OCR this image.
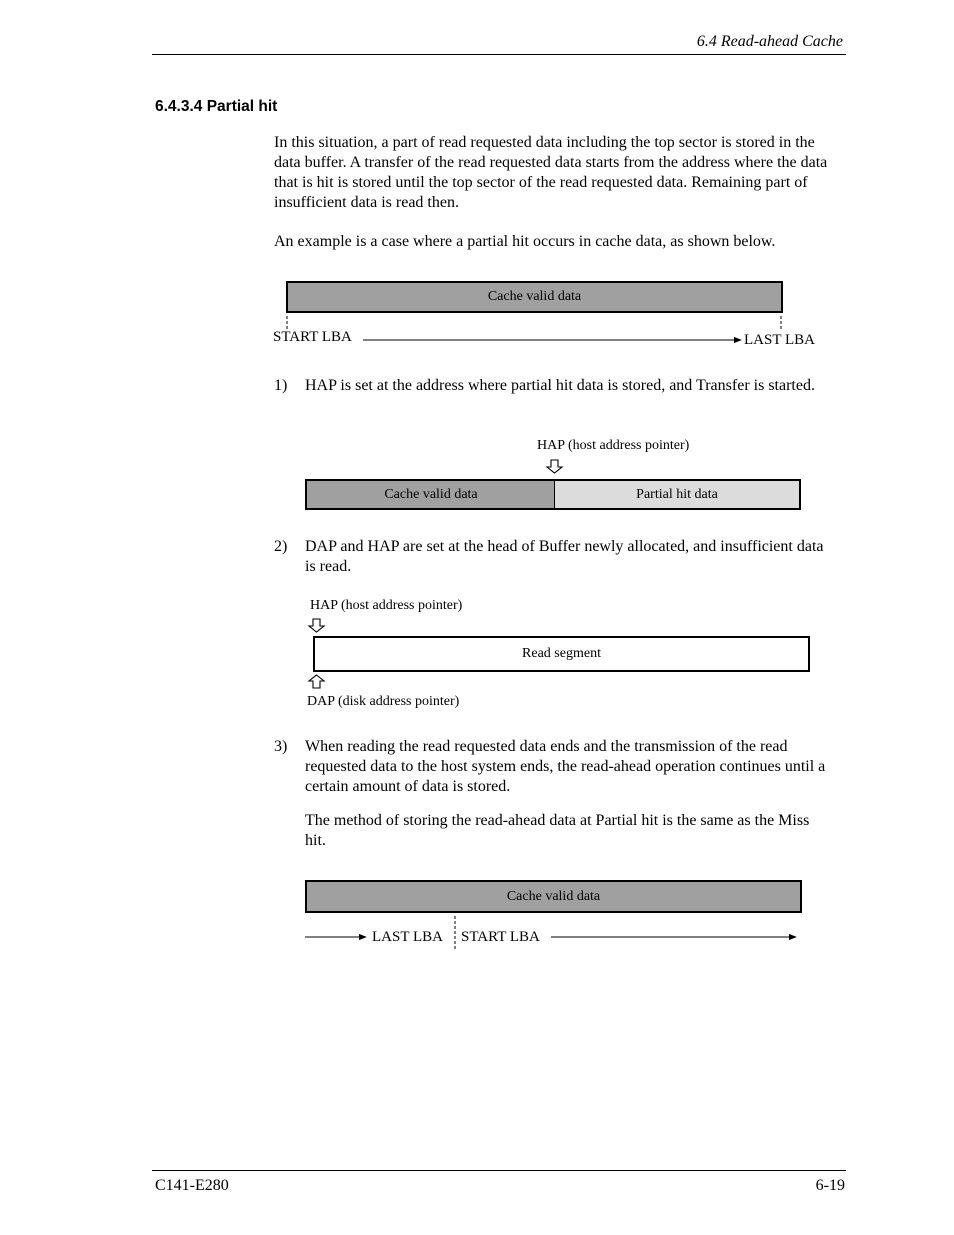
6.4 Read-ahead Cache
6.4.3.4 Partial hit

In this situation, a part of read requested data including the top sector is stored in the data buffer. A transfer of the read requested data starts from the address where the data that is hit is stored until the top sector of the read requested data. Remaining part of insufficient data is read then.

An example is a case where a partial hit occurs in cache data, as shown below.

Cache valid data
START LBA	LAST LBA
1) HAP is set at the address where partial hit data is stored, and Transfer is started.

HAP (host address pointer)
Cache valid data	Partial hit data
2) DAP and HAP are set at the head of Buffer newly allocated, and insufficient data is read.

HAP (host address pointer)
Read segment
DAP (disk address pointer)
3) When reading the read requested data ends and the transmission of the read requested data to the host system ends, the read-ahead operation continues until a certain amount of data is stored.

The method of storing the read-ahead data at Partial hit is the same as the Miss hit.

Cache valid data
LAST LBA START LBA
C141-E280	6-19
